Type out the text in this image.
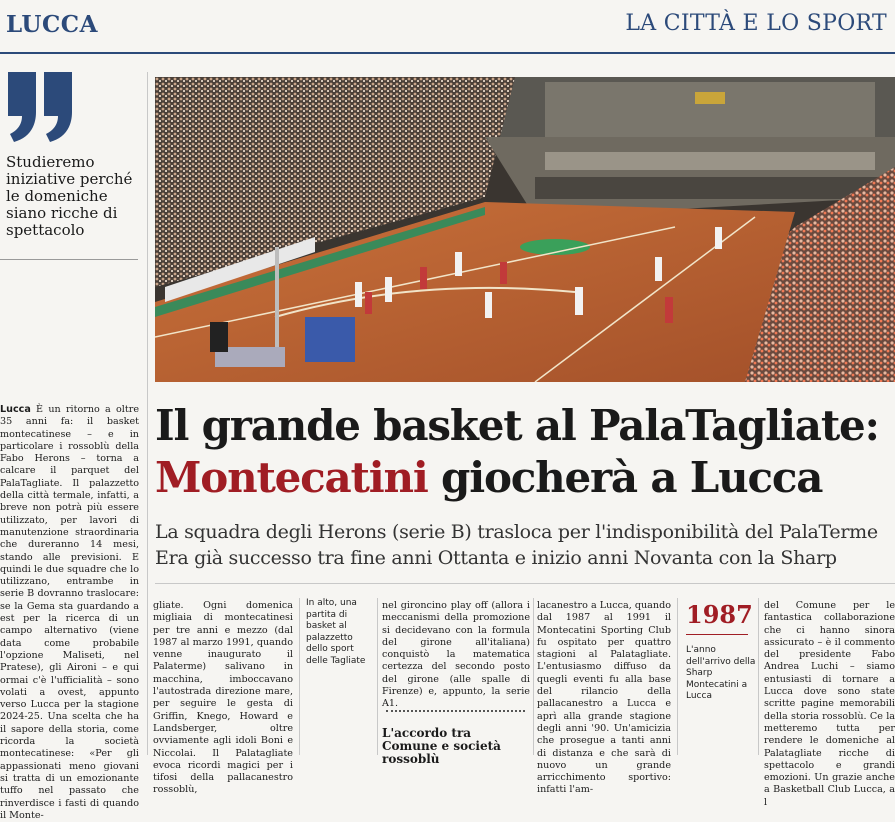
LUCCA	LA CITTÀ E LO SPORT
Studieremo iniziative perché le domeniche siano ricche di spettacolo
Lucca È un ritorno a oltre 35 anni fa: il basket montecatinese – e in particolare i rossoblù della Fabo Herons – torna a calcare il parquet del PalaTagliate. Il palazzetto della città termale, infatti, a breve non potrà più essere utilizzato, per lavori di manutenzione straordinaria che dureranno 14 mesi, stando alle previsioni. E quindi le due squadre che lo utilizzano, entrambe in serie B dovranno traslocare: se la Gema sta guardando a est per la ricerca di un campo alternativo (viene data come probabile l'opzione Maliseti, nel Pratese), gli Aironi – e qui ormai c'è l'ufficialità – sono volati a ovest, appunto verso Lucca per la stagione 2024-25. Una scelta che ha il sapore della storia, come ricorda la società montecatinese: «Per gli appassionati meno giovani si tratta di un emozionante tuffo nel passato che rinverdisce i fasti di quando il Monte-
Il grande basket al PalaTagliate:
Montecatini giocherà a Lucca
La squadra degli Herons (serie B) trasloca per l'indisponibilità del PalaTerme
Era già successo tra fine anni Ottanta e inizio anni Novanta con la Sharp
gliate. Ogni domenica migliaia di montecatinesi per tre anni e mezzo (dal 1987 al marzo 1991, quando venne inaugurato il Palaterme) salivano in macchina, imboccavano l'autostrada direzione mare, per seguire le gesta di Griffin, Knego, Howard e Landsberger, oltre ovviamente agli idoli Boni e Niccolai. Il Palatagliate evoca ricordi magici per i tifosi della pallacanestro rossoblù,
In alto, una partita di basket al palazzetto dello sport delle Tagliate
nel gironcino play off (allora i meccanismi della promozione si decidevano con la formula del girone all'italiana) conquistò la matematica certezza del secondo posto del girone (alle spalle di Firenze) e, appunto, la serie A1.
L'accordo tra Comune e società rossoblù
lacanestro a Lucca, quando dal 1987 al 1991 il Montecatini Sporting Club fu ospitato per quattro stagioni al Palatagliate. L'entusiasmo diffuso da quegli eventi fu alla base del rilancio della pallacanestro a Lucca e aprì alla grande stagione degli anni '90. Un'amicizia che prosegue a tanti anni di distanza e che sarà di nuovo un grande arricchimento sportivo: infatti l'am-
1987
L'anno dell'arrivo della Sharp Montecatini a Lucca
del Comune per le fantastica collaborazione che ci hanno sinora assicurato – è il commento del presidente Fabo Andrea Luchi – siamo entusiasti di tornare a Lucca dove sono state scritte pagine memorabili della storia rossoblù. Ce la metteremo tutta per rendere le domeniche al Palatagliate ricche di spettacolo e grandi emozioni. Un grazie anche a Basketball Club Lucca, a l
